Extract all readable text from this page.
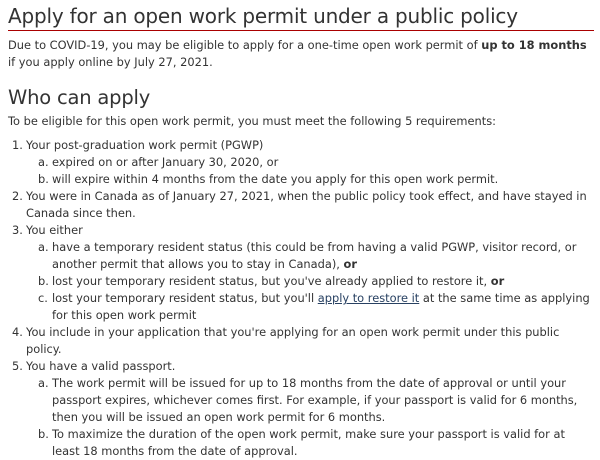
Apply for an open work permit under a public policy

Due to COVID-19, you may be eligible to apply for a one-time open work permit of up to 18 months if you apply online by July 27, 2021.

Who can apply

To be eligible for this open work permit, you must meet the following 5 requirements:

1. Your post-graduation work permit (PGWP)
a. expired on or after January 30, 2020, or
b. will expire within 4 months from the date you apply for this open work permit.
2. You were in Canada as of January 27, 2021, when the public policy took effect, and have stayed in Canada since then.
3. You either
a. have a temporary resident status (this could be from having a valid PGWP, visitor record, or another permit that allows you to stay in Canada), or
b. lost your temporary resident status, but you've already applied to restore it, or
c. lost your temporary resident status, but you'll apply to restore it at the same time as applying for this open work permit
4. You include in your application that you're applying for an open work permit under this public policy.
5. You have a valid passport.
a. The work permit will be issued for up to 18 months from the date of approval or until your passport expires, whichever comes first. For example, if your passport is valid for 6 months, then you will be issued an open work permit for 6 months.
b. To maximize the duration of the open work permit, make sure your passport is valid for at least 18 months from the date of approval.
